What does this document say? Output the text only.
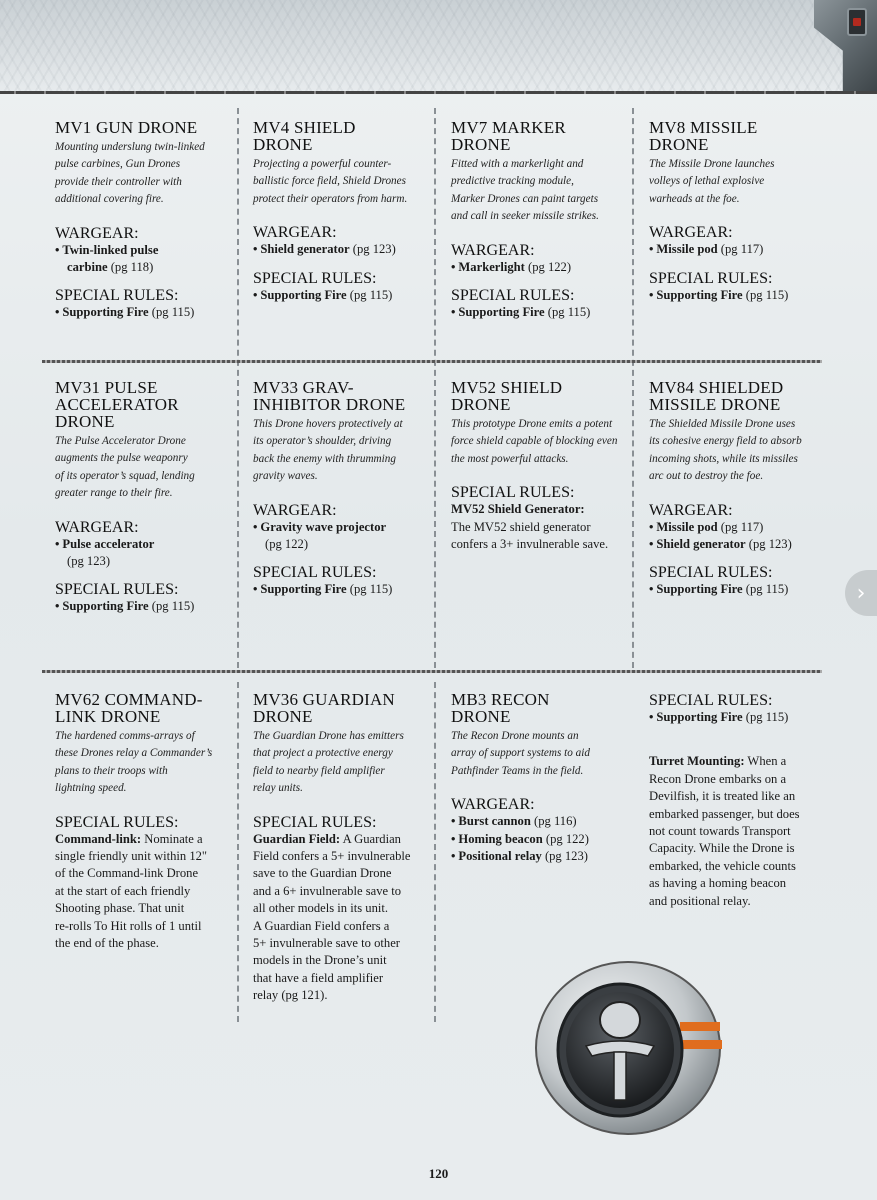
MV1 GUN DRONE
Mounting underslung twin-linked
pulse carbines, Gun Drones
provide their controller with
additional covering fire.
WARGEAR:
• Twin-linked pulse
carbine (pg 118)
SPECIAL RULES:
• Supporting Fire (pg 115)
MV4 SHIELD
DRONE
Projecting a powerful counter-
ballistic force field, Shield Drones
protect their operators from harm.
WARGEAR:
• Shield generator (pg 123)
SPECIAL RULES:
• Supporting Fire (pg 115)
MV7 MARKER
DRONE
Fitted with a markerlight and
predictive tracking module,
Marker Drones can paint targets
and call in seeker missile strikes.
WARGEAR:
• Markerlight (pg 122)
SPECIAL RULES:
• Supporting Fire (pg 115)
MV8 MISSILE
DRONE
The Missile Drone launches
volleys of lethal explosive
warheads at the foe.
WARGEAR:
• Missile pod (pg 117)
SPECIAL RULES:
• Supporting Fire (pg 115)
MV31 PULSE
ACCELERATOR
DRONE
The Pulse Accelerator Drone
augments the pulse weaponry
of its operator’s squad, lending
greater range to their fire.
WARGEAR:
• Pulse accelerator
(pg 123)
SPECIAL RULES:
• Supporting Fire (pg 115)
MV33 GRAV-
INHIBITOR DRONE
This Drone hovers protectively at
its operator’s shoulder, driving
back the enemy with thrumming
gravity waves.
WARGEAR:
• Gravity wave projector
(pg 122)
SPECIAL RULES:
• Supporting Fire (pg 115)
MV52 SHIELD
DRONE
This prototype Drone emits a potent
force shield capable of blocking even
the most powerful attacks.
SPECIAL RULES:
MV52 Shield Generator:
The MV52 shield generator
confers a 3+ invulnerable save.
MV84 SHIELDED
MISSILE DRONE
The Shielded Missile Drone uses
its cohesive energy field to absorb
incoming shots, while its missiles
arc out to destroy the foe.
WARGEAR:
• Missile pod (pg 117)
• Shield generator (pg 123)
SPECIAL RULES:
• Supporting Fire (pg 115)
MV62 COMMAND-
LINK DRONE
The hardened comms-arrays of
these Drones relay a Commander’s
plans to their troops with
lightning speed.
SPECIAL RULES:
Command-link: Nominate a
single friendly unit within 12"
of the Command-link Drone
at the start of each friendly
Shooting phase. That unit
re-rolls To Hit rolls of 1 until
the end of the phase.
MV36 GUARDIAN
DRONE
The Guardian Drone has emitters
that project a protective energy
field to nearby field amplifier
relay units.
SPECIAL RULES:
Guardian Field: A Guardian
Field confers a 5+ invulnerable
save to the Guardian Drone
and a 6+ invulnerable save to
all other models in its unit.
A Guardian Field confers a
5+ invulnerable save to other
models in the Drone’s unit
that have a field amplifier
relay (pg 121).
MB3 RECON
DRONE
The Recon Drone mounts an
array of support systems to aid
Pathfinder Teams in the field.
WARGEAR:
• Burst cannon (pg 116)
• Homing beacon (pg 122)
• Positional relay (pg 123)
SPECIAL RULES:
• Supporting Fire (pg 115)
Turret Mounting: When a
Recon Drone embarks on a
Devilfish, it is treated like an
embarked passenger, but does
not count towards Transport
Capacity. While the Drone is
embarked, the vehicle counts
as having a homing beacon
and positional relay.
›
120
